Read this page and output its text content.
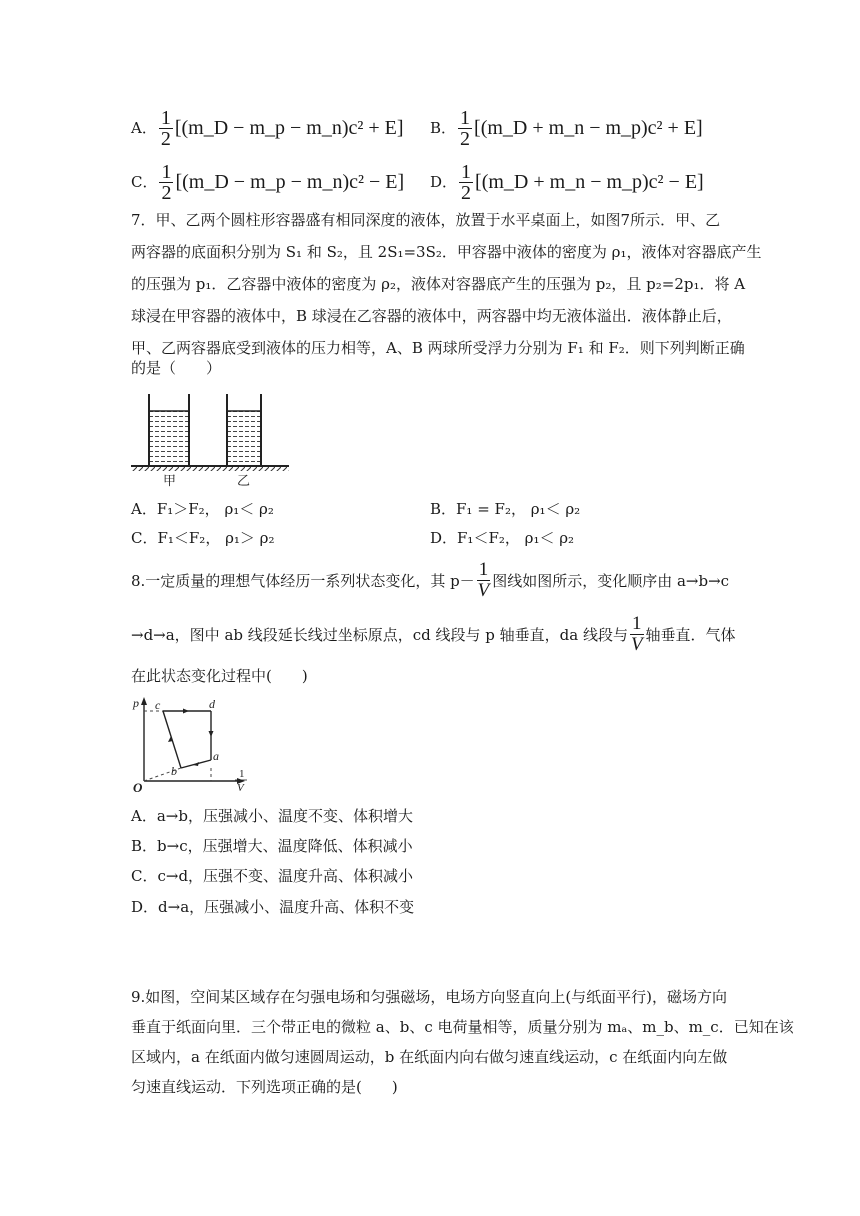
A． $\frac{1}{2}$ [(m_D − m_p − m_n)c² + E] B． $\frac{1}{2}$ [(m_D + m_n − m_p)c² + E]
C． $\frac{1}{2}$ [(m_D − m_p − m_n)c² − E] D． $\frac{1}{2}$ [(m_D + m_n − m_p)c² − E]
7．甲、乙两个圆柱形容器盛有相同深度的液体，放置于水平桌面上，如图7所示．甲、乙
两容器的底面积分别为 S₁ 和 S₂，且 2S₁=3S₂．甲容器中液体的密度为 ρ₁，液体对容器底产生
的压强为 p₁．乙容器中液体的密度为 ρ₂，液体对容器底产生的压强为 p₂，且 p₂=2p₁．将 A
球浸在甲容器的液体中，B 球浸在乙容器的液体中，两容器中均无液体溢出．液体静止后，
甲、乙两容器底受到液体的压力相等，A、B 两球所受浮力分别为 F₁ 和 F₂．则下列判断正确
的是（　　）
甲	乙
A．F₁＞F₂， ρ₁＜ ρ₂	B．F₁ = F₂， ρ₁＜ ρ₂
C．F₁＜F₂， ρ₁＞ ρ₂	D．F₁＜F₂， ρ₁＜ ρ₂
8.一定质量的理想气体经历一系列状态变化，其 $p- \frac{1}{V}$ 图线如图所示，变化顺序由 a→b→c
→d→a，图中 ab 线段延长线过坐标原点，cd 线段与 p 轴垂直，da 线段与 $\frac{1}{V}$ 轴垂直．气体
在此状态变化过程中(　　)
p
O
c	d
a
b	1
V
A．a→b，压强减小、温度不变、体积增大
B．b→c，压强增大、温度降低、体积减小
C．c→d，压强不变、温度升高、体积减小
D．d→a，压强减小、温度升高、体积不变
9.如图，空间某区域存在匀强电场和匀强磁场，电场方向竖直向上(与纸面平行)，磁场方向
垂直于纸面向里．三个带正电的微粒 a、b、c 电荷量相等，质量分别为 mₐ、m_b、m_c．已知在该
区域内，a 在纸面内做匀速圆周运动，b 在纸面内向右做匀速直线运动，c 在纸面内向左做
匀速直线运动．下列选项正确的是(　　)
